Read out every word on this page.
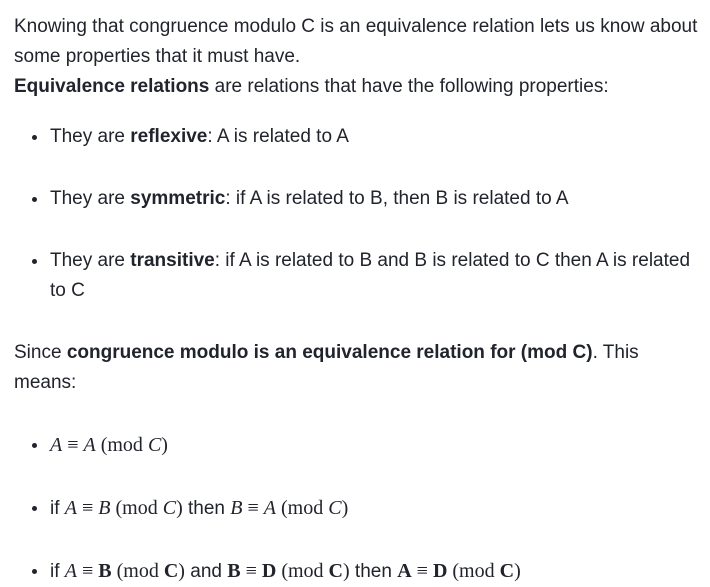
Knowing that congruence modulo C is an equivalence relation lets us know about some properties that it must have.
Equivalence relations are relations that have the following properties:

They are reflexive: A is related to A
They are symmetric: if A is related to B, then B is related to A
They are transitive: if A is related to B and B is related to C then A is related to C

Since congruence modulo is an equivalence relation for (mod C). This means:

A ≡ A (mod C)
if A ≡ B (mod C) then B ≡ A (mod C)
if A ≡ B (mod C) and B ≡ D (mod C) then A ≡ D (mod C)
